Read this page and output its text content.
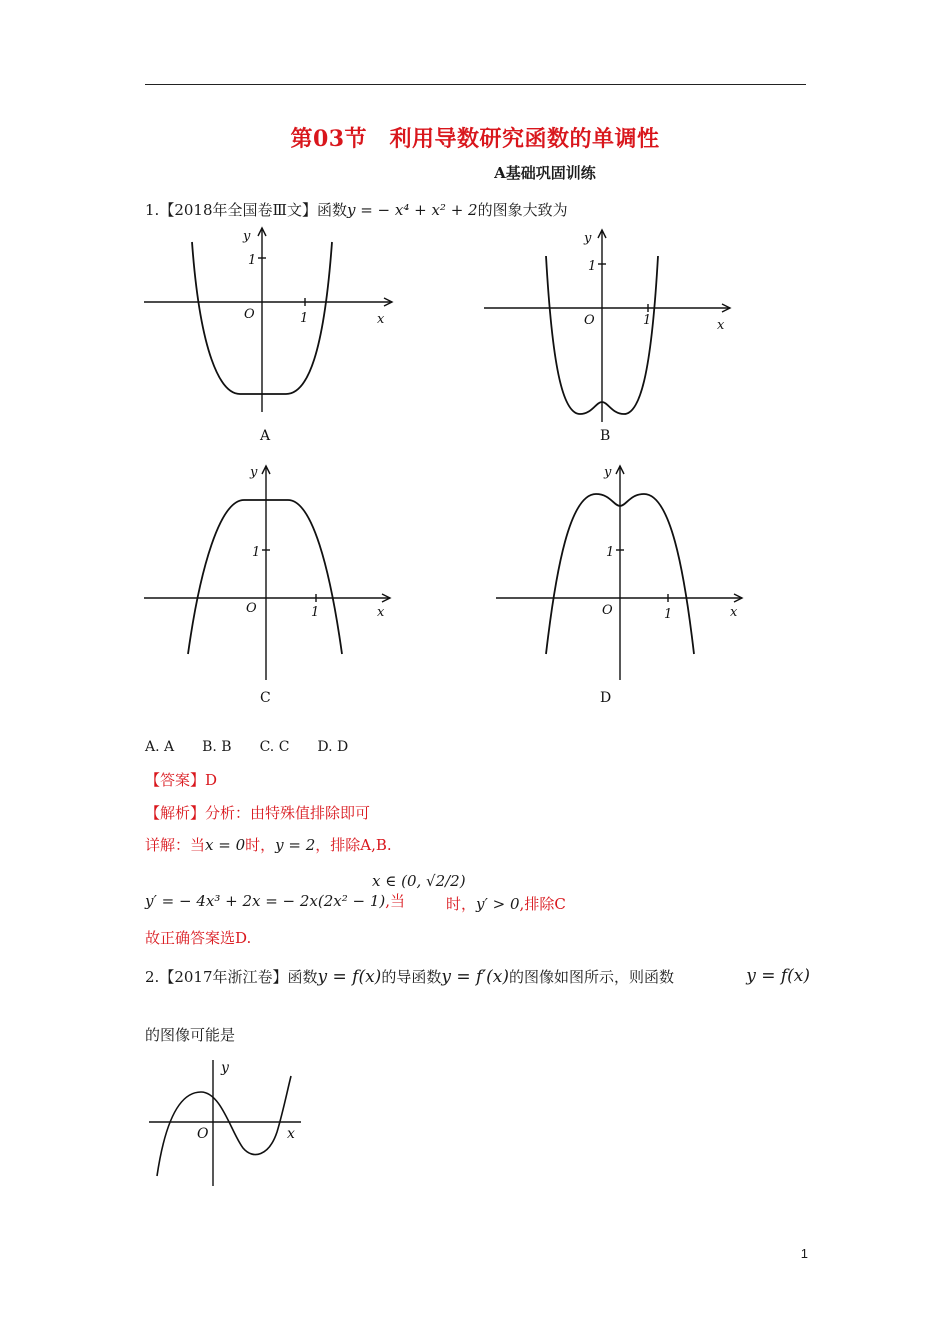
第03节　利用导数研究函数的单调性
A基础巩固训练
1.【2018年全国卷Ⅲ文】函数y = − x⁴ + x² + 2的图象大致为
y
1
O	1	x
A
y
1
O	1	x
B
y
1
O	1	x
C
y
1
O	1	x
D
A. A　　B. B　　C. C　　D. D
【答案】D
【解析】分析：由特殊值排除即可
详解：当x = 0时，y = 2，排除A,B.
y′ = − 4x³ + 2x = − 2x(2x² − 1),当
x ∈ (0, √2/2)
时，y′ > 0,排除C
故正确答案选D.
2.【2017年浙江卷】函数y = f(x)的导函数y = f′(x)的图像如图所示，则函数	y = f(x)
的图像可能是
y
O	x
1
